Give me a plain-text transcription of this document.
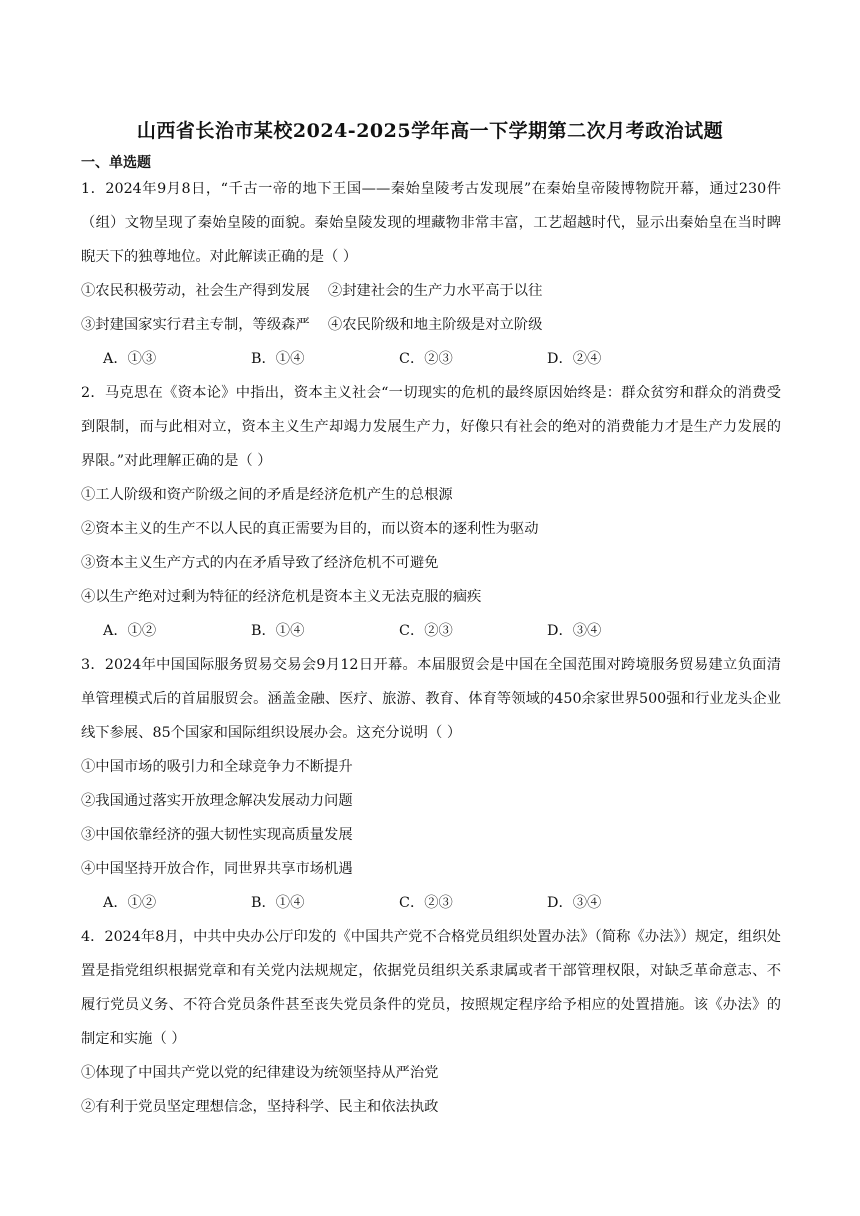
山西省长治市某校2024-2025学年高一下学期第二次月考政治试题
一、单选题

1．2024年9月8日，“千古一帝的地下王国——秦始皇陵考古发现展”在秦始皇帝陵博物院开幕，通过230件（组）文物呈现了秦始皇陵的面貌。秦始皇陵发现的埋藏物非常丰富，工艺超越时代，显示出秦始皇在当时睥睨天下的独尊地位。对此解读正确的是（ ）

①农民积极劳动，社会生产得到发展    ②封建社会的生产力水平高于以往

③封建国家实行君主专制，等级森严    ④农民阶级和地主阶级是对立阶级

A．①③	B．①④	C．②③	D．②④

2．马克思在《资本论》中指出，资本主义社会“一切现实的危机的最终原因始终是：群众贫穷和群众的消费受到限制，而与此相对立，资本主义生产却竭力发展生产力，好像只有社会的绝对的消费能力才是生产力发展的界限。”对此理解正确的是（ ）

①工人阶级和资产阶级之间的矛盾是经济危机产生的总根源

②资本主义的生产不以人民的真正需要为目的，而以资本的逐利性为驱动

③资本主义生产方式的内在矛盾导致了经济危机不可避免

④以生产绝对过剩为特征的经济危机是资本主义无法克服的痼疾

A．①②	B．①④	C．②③	D．③④

3．2024年中国国际服务贸易交易会9月12日开幕。本届服贸会是中国在全国范围对跨境服务贸易建立负面清单管理模式后的首届服贸会。涵盖金融、医疗、旅游、教育、体育等领域的450余家世界500强和行业龙头企业线下参展、85个国家和国际组织设展办会。这充分说明（ ）

①中国市场的吸引力和全球竞争力不断提升

②我国通过落实开放理念解决发展动力问题

③中国依靠经济的强大韧性实现高质量发展

④中国坚持开放合作，同世界共享市场机遇

A．①②	B．①④	C．②③	D．③④

4．2024年8月，中共中央办公厅印发的《中国共产党不合格党员组织处置办法》（简称《办法》）规定，组织处置是指党组织根据党章和有关党内法规规定，依据党员组织关系隶属或者干部管理权限，对缺乏革命意志、不履行党员义务、不符合党员条件甚至丧失党员条件的党员，按照规定程序给予相应的处置措施。该《办法》的制定和实施（ ）

①体现了中国共产党以党的纪律建设为统领坚持从严治党

②有利于党员坚定理想信念，坚持科学、民主和依法执政
